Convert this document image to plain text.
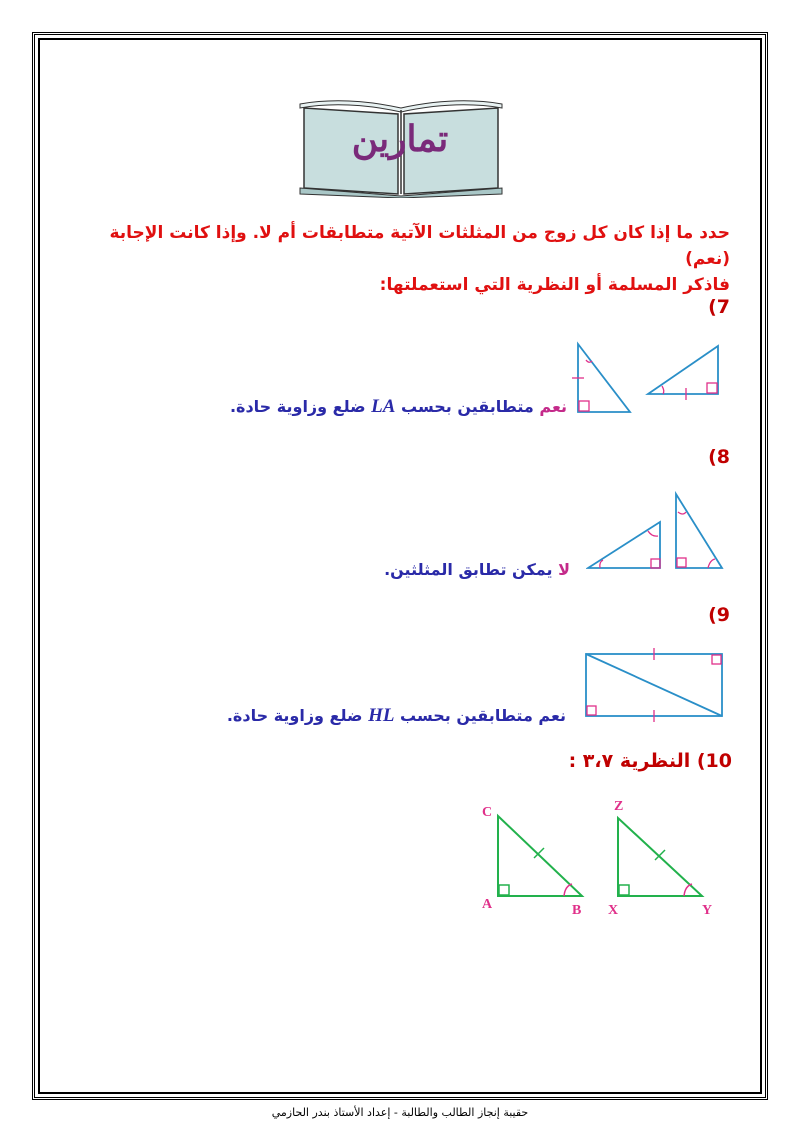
تمارين
حدد ما إذا كان كل زوج من المثلثات الآتية متطابقات أم لا. وإذا كانت الإجابة (نعم)
فاذكر المسلمة أو النظرية التي استعملتها:
(7
نعم متطابقين بحسب LA ضلع وزاوية حادة.
(8
لا يمكن تطابق المثلثين.
(9
نعم متطابقين بحسب HL ضلع وزاوية حادة.
10) النظرية ٣،٧ :
C
A	B
Z
X	Y
حقيبة إنجاز الطالب والطالبة - إعداد الأستاذ بندر الحازمي
